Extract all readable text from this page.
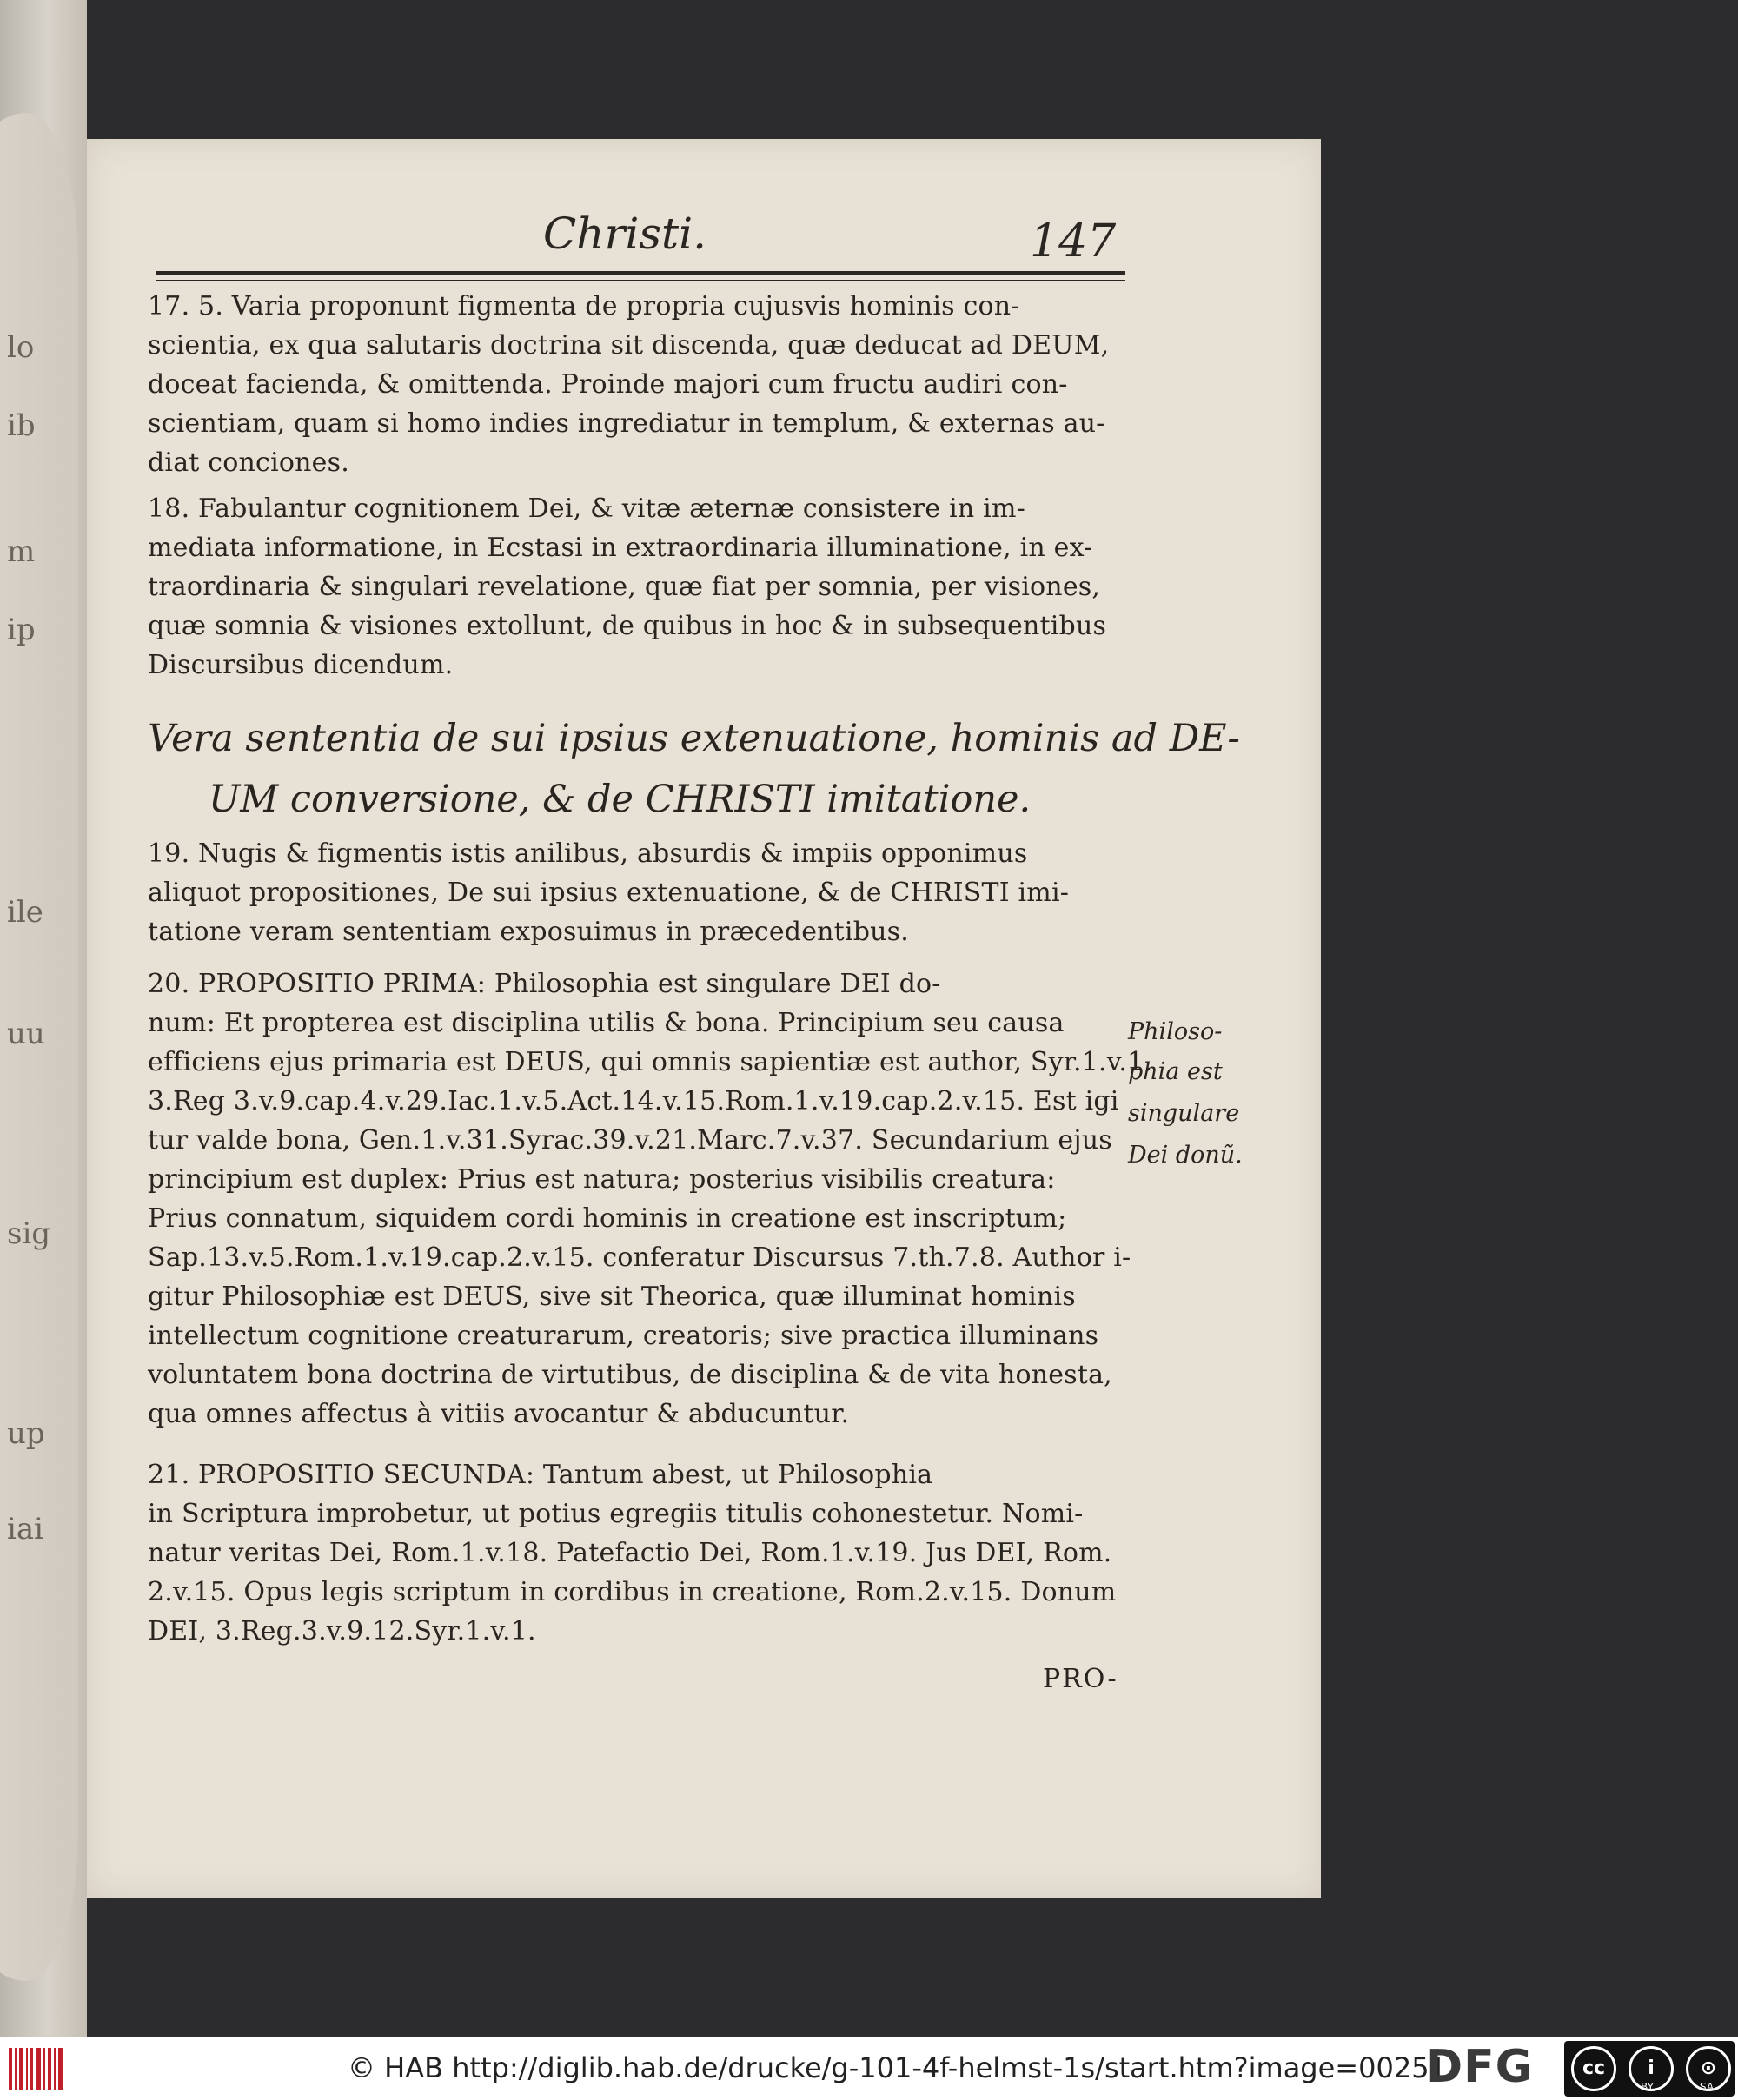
lo
ib
m
ip
ile
uu
sig
up
iai
Christi.	147
17. 5. Varia proponunt figmenta de propria cujusvis hominis con-
scientia, ex qua salutaris doctrina sit discenda, quæ deducat ad DEUM,
doceat facienda, & omittenda. Proinde majori cum fructu audiri con-
scientiam, quam si homo indies ingrediatur in templum, & externas au-
diat conciones.
18. Fabulantur cognitionem Dei, & vitæ æternæ consistere in im-
mediata informatione, in Ecstasi in extraordinaria illuminatione, in ex-
traordinaria & singulari revelatione, quæ fiat per somnia, per visiones,
quæ somnia & visiones extollunt, de quibus in hoc & in subsequentibus
Discursibus dicendum.
Vera sententia de sui ipsius extenuatione, hominis ad DE-
UM conversione, & de CHRISTI imitatione.
19. Nugis & figmentis istis anilibus, absurdis & impiis opponimus
aliquot propositiones, De sui ipsius extenuatione, & de CHRISTI imi-
tatione veram sententiam exposuimus in præcedentibus.
20. PROPOSITIO PRIMA: Philosophia est singulare DEI do-
num: Et propterea est disciplina utilis & bona. Principium seu causa
efficiens ejus primaria est DEUS, qui omnis sapientiæ est author, Syr.1.v.1.
3.Reg 3.v.9.cap.4.v.29.Iac.1.v.5.Act.14.v.15.Rom.1.v.19.cap.2.v.15. Est igi
tur valde bona, Gen.1.v.31.Syrac.39.v.21.Marc.7.v.37. Secundarium ejus
principium est duplex: Prius est natura; posterius visibilis creatura:
Prius connatum, siquidem cordi hominis in creatione est inscriptum;
Sap.13.v.5.Rom.1.v.19.cap.2.v.15. conferatur Discursus 7.th.7.8. Author i-
gitur Philosophiæ est DEUS, sive sit Theorica, quæ illuminat hominis
intellectum cognitione creaturarum, creatoris; sive practica illuminans
voluntatem bona doctrina de virtutibus, de disciplina & de vita honesta,
qua omnes affectus à vitiis avocantur & abducuntur.
21. PROPOSITIO SECUNDA: Tantum abest, ut Philosophia
in Scriptura improbetur, ut potius egregiis titulis cohonestetur. Nomi-
natur veritas Dei, Rom.1.v.18. Patefactio Dei, Rom.1.v.19. Jus DEI, Rom.
2.v.15. Opus legis scriptum in cordibus in creatione, Rom.2.v.15. Donum
DEI, 3.Reg.3.v.9.12.Syr.1.v.1.
Philoso-
phia est
singulare
Dei donũ.
PRO-
© HAB http://diglib.hab.de/drucke/g-101-4f-helmst-1s/start.htm?image=00251
DFG	cc	i	⊙
BY	SA
